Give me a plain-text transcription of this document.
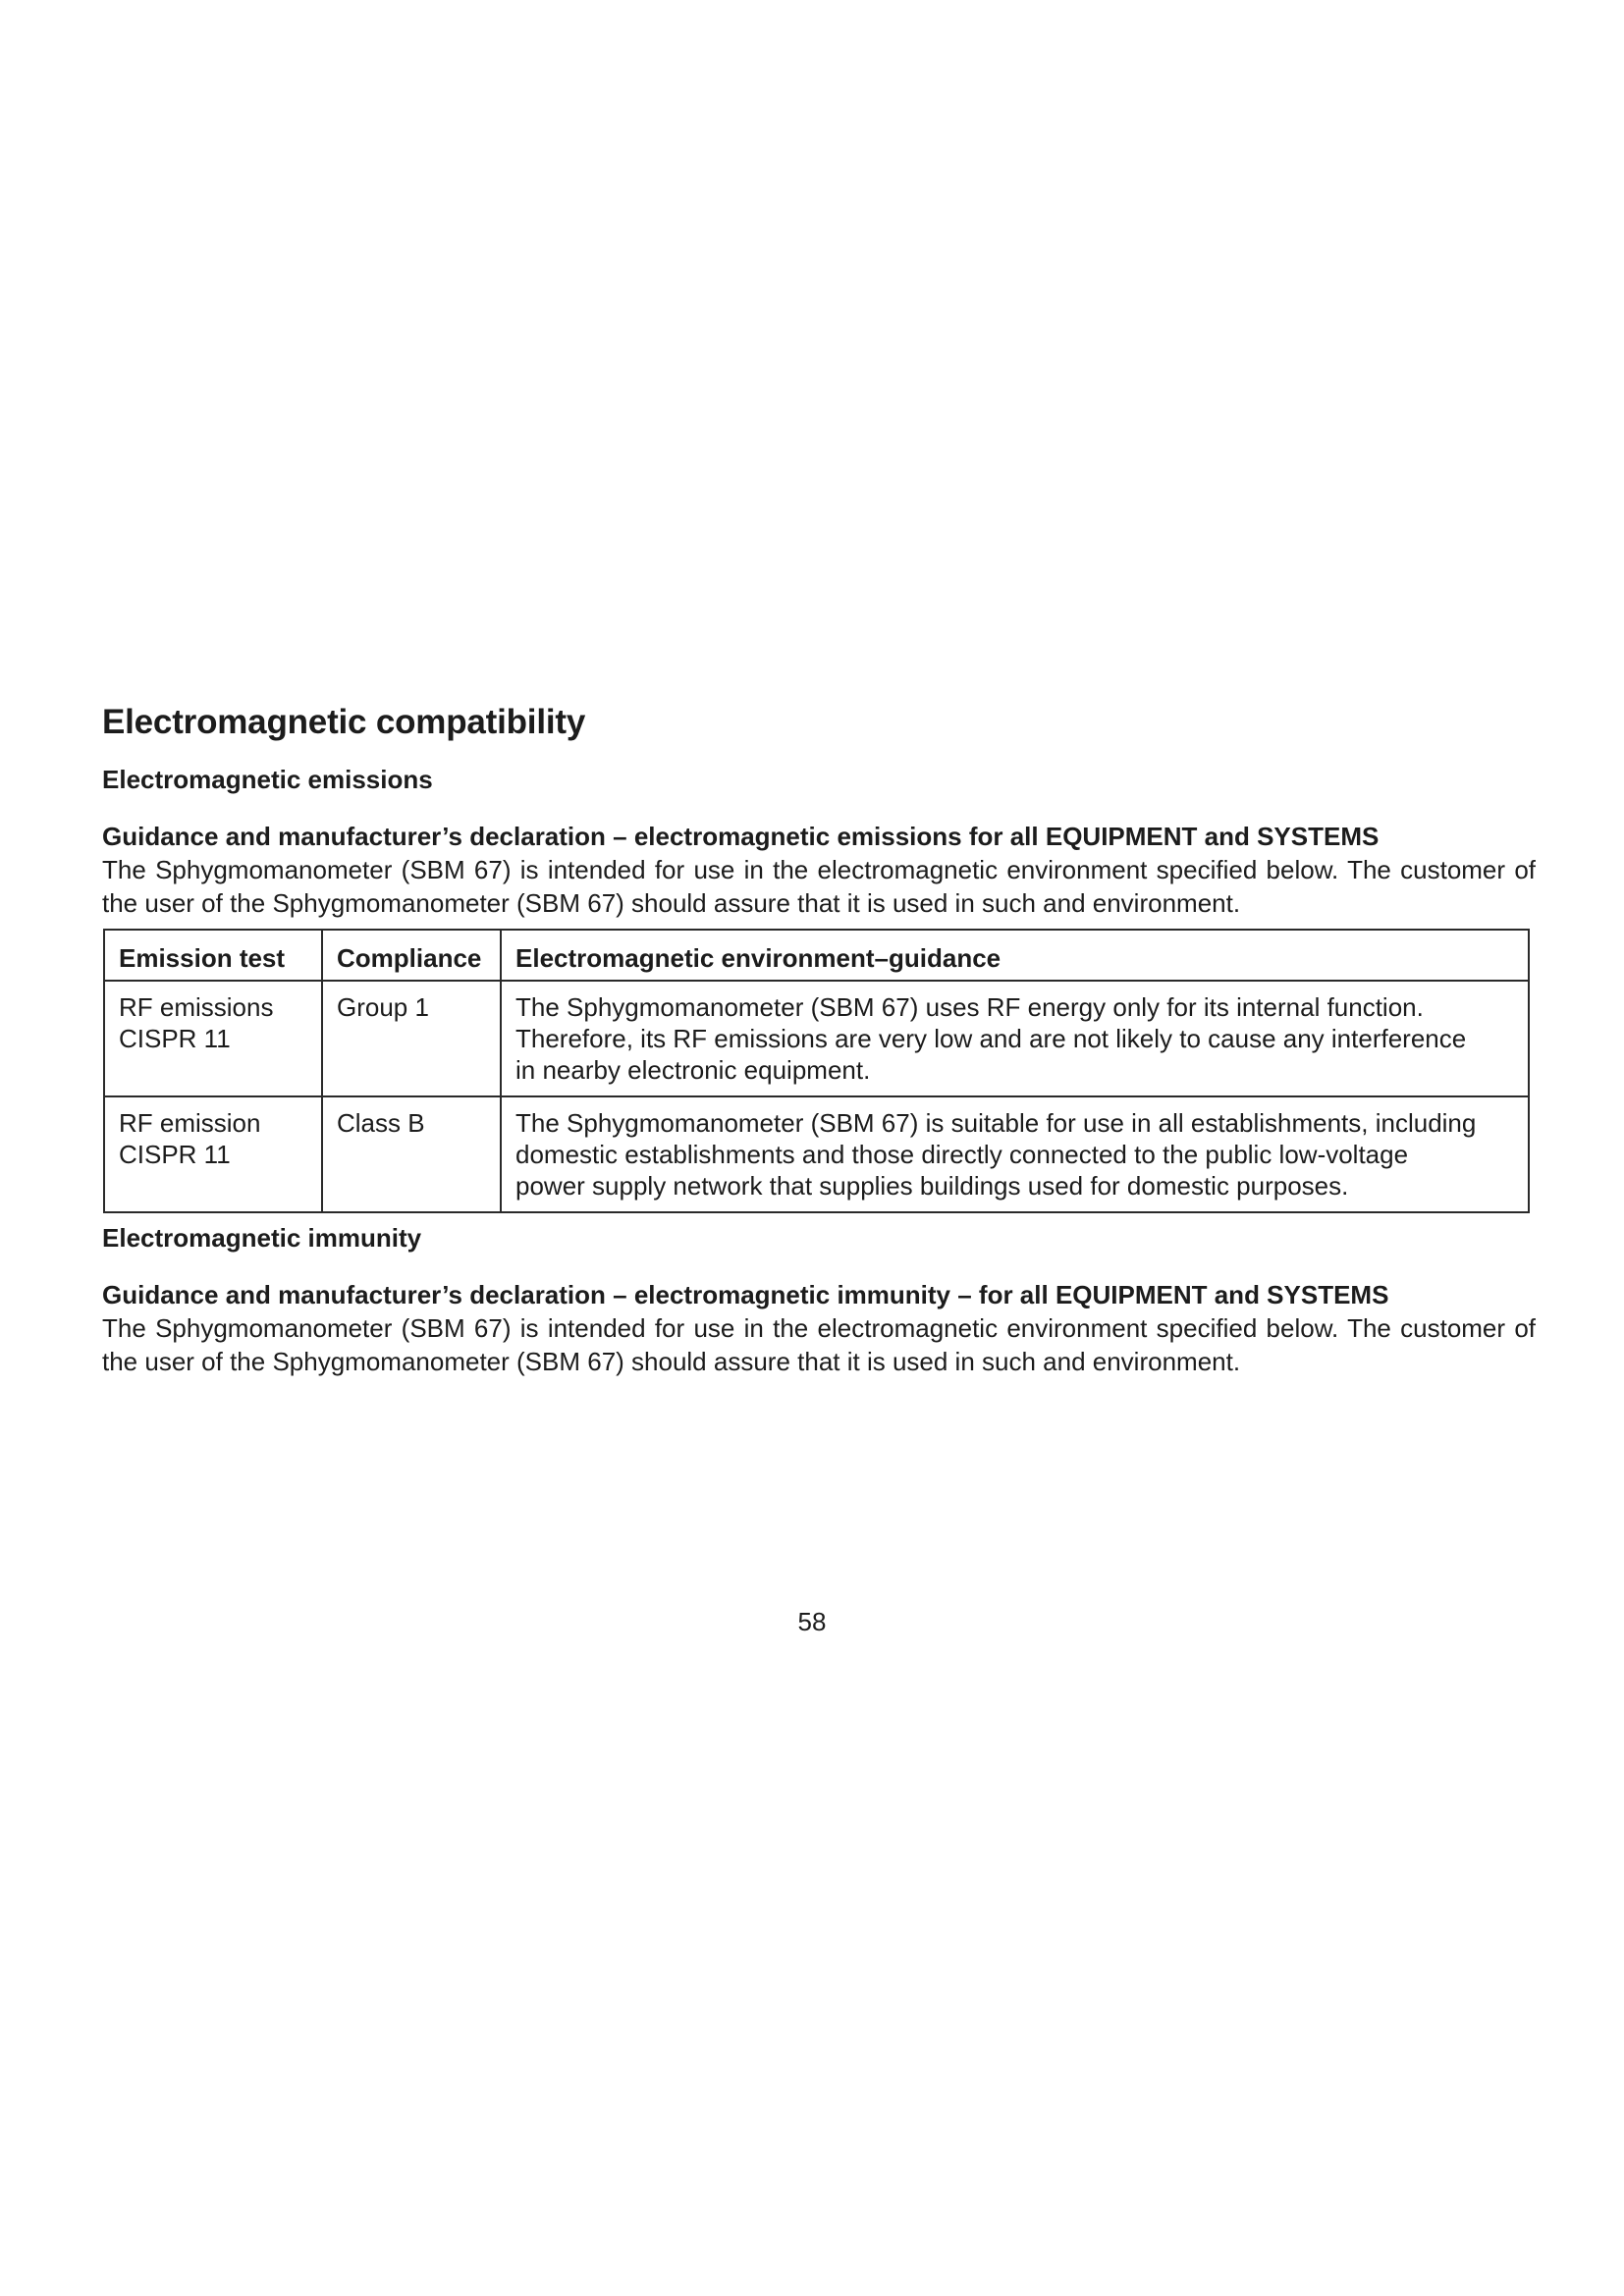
Electromagnetic compatibility
Electromagnetic emissions

Guidance and manufacturer’s declaration – electromagnetic emissions for all EQUIPMENT and SYSTEMS

The Sphygmomanometer (SBM 67) is intended for use in the electromagnetic environment specified below. The customer of the user of the Sphygmomanometer (SBM 67) should assure that it is used in such and environment.

Emission test	Compliance	Electromagnetic environment–guidance

RF emissions
CISPR 11	Group 1	The Sphygmomanometer (SBM 67) uses RF energy only for its internal function.
Therefore, its RF emissions are very low and are not likely to cause any interference
in nearby electronic equipment.

RF emission
CISPR 11	Class B	The Sphygmomanometer (SBM 67) is suitable for use in all establishments, including
domestic establishments and those directly connected to the public low-voltage
power supply network that supplies buildings used for domestic purposes.
Electromagnetic immunity

Guidance and manufacturer’s declaration – electromagnetic immunity – for all EQUIPMENT and SYSTEMS

The Sphygmomanometer (SBM 67) is intended for use in the electromagnetic environment specified below. The customer of the user of the Sphygmomanometer (SBM 67) should assure that it is used in such and environment.

58
